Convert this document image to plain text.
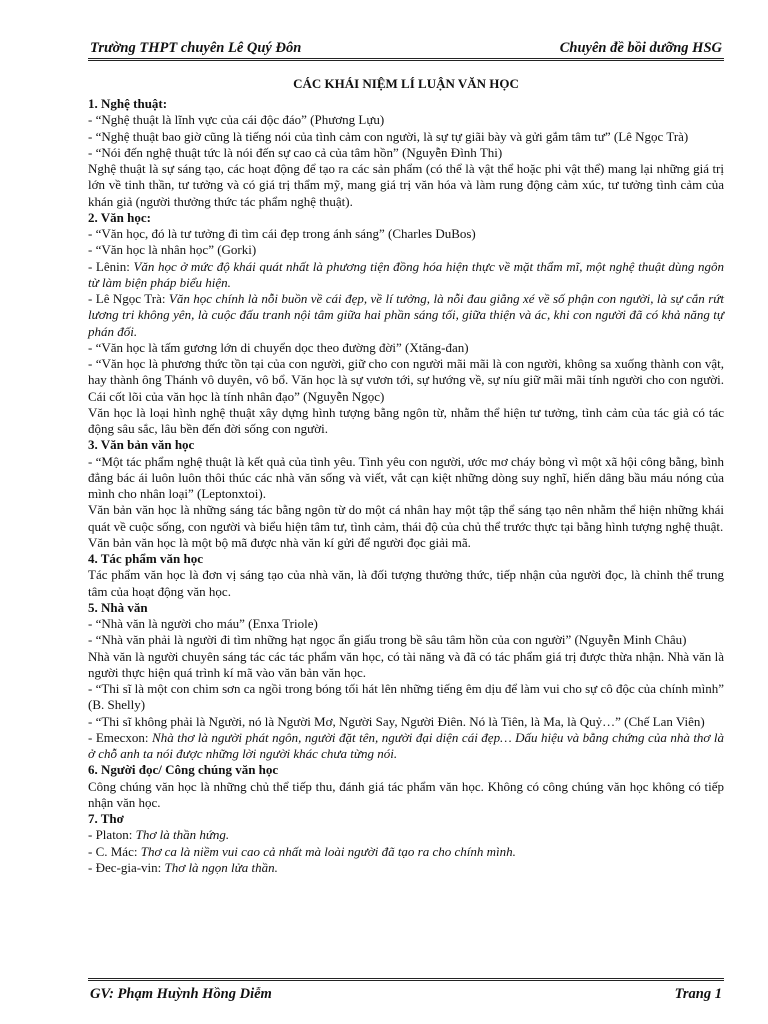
Trường THPT chuyên Lê Quý Đôn	Chuyên đề bồi dưỡng HSG
CÁC KHÁI NIỆM LÍ LUẬN VĂN HỌC

1. Nghệ thuật:

- “Nghệ thuật là lĩnh vực của cái độc đáo” (Phương Lựu)

- “Nghệ thuật bao giờ cũng là tiếng nói của tình cảm con người, là sự tự giãi bày và gửi gắm tâm tư” (Lê Ngọc Trà)

- “Nói đến nghệ thuật tức là nói đến sự cao cả của tâm hồn” (Nguyễn Đình Thi)

Nghệ thuật là sự sáng tạo, các hoạt động để tạo ra các sản phẩm (có thể là vật thể hoặc phi vật thể) mang lại những giá trị lớn về tinh thần, tư tưởng và có giá trị thẩm mỹ, mang giá trị văn hóa và làm rung động cảm xúc, tư tưởng tình cảm của khán giả (người thưởng thức tác phẩm nghệ thuật).

2. Văn học:

- “Văn học, đó là tư tưởng đi tìm cái đẹp trong ánh sáng” (Charles DuBos)

- “Văn học là nhân học” (Gorki)

- Lênin: Văn học ở mức độ khái quát nhất là phương tiện đồng hóa hiện thực về mặt thẩm mĩ, một nghệ thuật dùng ngôn từ làm biện pháp biểu hiện.

- Lê Ngọc Trà: Văn học chính là nỗi buồn về cái đẹp, về lí tưởng, là nỗi đau giằng xé về số phận con người, là sự cắn rứt lương tri không yên, là cuộc đấu tranh nội tâm giữa hai phần sáng tối, giữa thiện và ác, khi con người đã có khả năng tự phán đối.

- “Văn học là tấm gương lớn di chuyển dọc theo đường đời” (Xtăng-đan)

- “Văn học là phương thức tồn tại của con người, giữ cho con người mãi mãi là con người, không sa xuống thành con vật, hay thành ông Thánh vô duyên, vô bổ. Văn học là sự vươn tới, sự hướng về, sự níu giữ mãi mãi tính người cho con người. Cái cốt lõi của văn học là tính nhân đạo” (Nguyễn Ngọc)

Văn học là loại hình nghệ thuật xây dựng hình tượng bằng ngôn từ, nhằm thể hiện tư tưởng, tình cảm của tác giả có tác động sâu sắc, lâu bền đến đời sống con người.

3. Văn bản văn học

- “Một tác phẩm nghệ thuật là kết quả của tình yêu. Tình yêu con người, ước mơ cháy bỏng vì một xã hội công bằng, bình đẳng bác ái luôn luôn thôi thúc các nhà văn sống và viết, vắt cạn kiệt những dòng suy nghĩ, hiến dâng bầu máu nóng của mình cho nhân loại” (Leptonxtoi).

Văn bản văn học là những sáng tác bằng ngôn từ do một cá nhân hay một tập thể sáng tạo nên nhằm thể hiện những khái quát về cuộc sống, con người và biểu hiện tâm tư, tình cảm, thái độ của chủ thể trước thực tại bằng hình tượng nghệ thuật.

Văn bản văn học là một bộ mã được nhà văn kí gửi để người đọc giải mã.

4. Tác phẩm văn học

Tác phẩm văn học là đơn vị sáng tạo của nhà văn, là đối tượng thưởng thức, tiếp nhận của người đọc, là chỉnh thể trung tâm của hoạt động văn học.

5. Nhà văn

- “Nhà văn là người cho máu” (Enxa Triole)

- “Nhà văn phải là người đi tìm những hạt ngọc ẩn giấu trong bề sâu tâm hồn của con người” (Nguyễn Minh Châu)

Nhà văn là người chuyên sáng tác các tác phẩm văn học, có tài năng và đã có tác phẩm giá trị được thừa nhận. Nhà văn là người thực hiện quá trình kí mã vào văn bản văn học.

- “Thi sĩ là một con chim sơn ca ngồi trong bóng tối hát lên những tiếng êm dịu để làm vui cho sự cô độc của chính mình” (B. Shelly)

- “Thi sĩ không phải là Người, nó là Người Mơ, Người Say, Người Điên. Nó là Tiên, là Ma, là Quỷ…” (Chế Lan Viên)

- Emecxon: Nhà thơ là người phát ngôn, người đặt tên, người đại diện cái đẹp… Dấu hiệu và bằng chứng của nhà thơ là ở chỗ anh ta nói được những lời người khác chưa từng nói.

6. Người đọc/ Công chúng văn học

Công chúng văn học là những chủ thể tiếp thu, đánh giá tác phẩm văn học. Không có công chúng văn học không có tiếp nhận văn học.

7. Thơ

- Platon: Thơ là thần hứng.

- C. Mác: Thơ ca là niềm vui cao cả nhất mà loài người đã tạo ra cho chính mình.

- Đec-gia-vin: Thơ là ngọn lửa thần.

GV: Phạm Huỳnh Hồng Diễm	Trang 1
